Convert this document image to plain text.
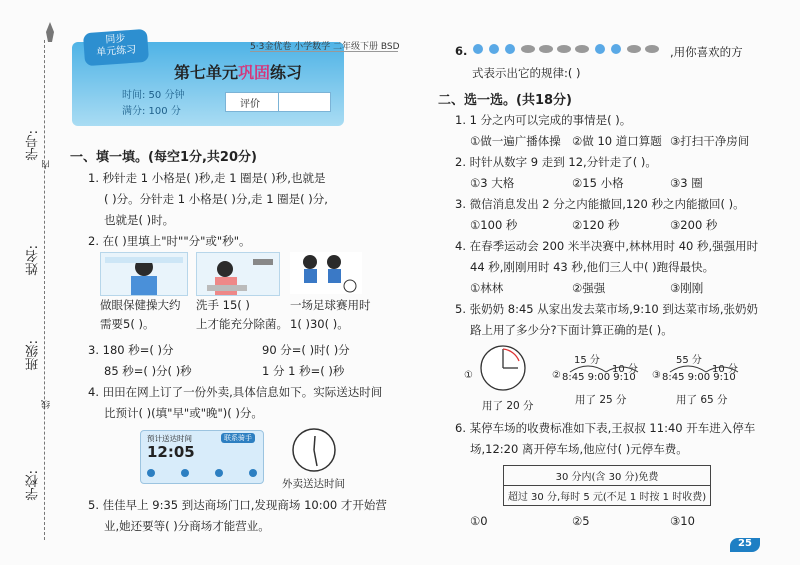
学号:
姓名:
班级:
学校:
内
线
同步
单元练习	5·3金优卷 小学数学 二年级下册 BSD
第七单元巩固练习
时间: 50 分钟
满分: 100 分
评价
一、填一填。(每空1分,共20分)
1. 秒针走 1 小格是( )秒,走 1 圈是( )秒,也就是
( )分。分针走 1 小格是( )分,走 1 圈是( )分,
也就是( )时。
2. 在( )里填上"时""分"或"秒"。
做眼保健操大约
需要5( )。
洗手 15( )
上才能充分除菌。
一场足球赛用时
1( )30( )。
3. 180 秒=( )分	90 分=( )时( )分
85 秒=( )分( )秒	1 分 1 秒=( )秒
4. 田田在网上订了一份外卖,具体信息如下。实际送达时间
比预计( )(填"早"或"晚")( )分。
预计送达时间	联系骑手
12:05
外卖送达时间
5. 佳佳早上 9:35 到达商场门口,发现商场 10:00 才开始营
业,她还要等( )分商场才能营业。
6.	,用你喜欢的方
式表示出它的规律:( )
二、选一选。(共18分)
1. 1 分之内可以完成的事情是( )。
①做一遍广播体操 ②做 10 道口算题 ③打扫干净房间
2. 时针从数字 9 走到 12,分针走了( )。
①3 大格	②15 小格	③3 圈
3. 微信消息发出 2 分之内能撤回,120 秒之内能撤回( )。
①100 秒	②120 秒	③200 秒
4. 在春季运动会 200 米半决赛中,林林用时 40 秒,强强用时
44 秒,刚刚用时 43 秒,他们三人中( )跑得最快。
①林林	②强强	③刚刚
5. 张奶奶 8:45 从家出发去菜市场,9:10 到达菜市场,张奶奶
路上用了多少分?下面计算正确的是( )。
①
用了 20 分
②
15 分
10 分
8:45 9:00 9:10
用了 25 分
③
55 分
10 分
8:45 9:00 9:10
用了 65 分
6. 某停车场的收费标准如下表,王叔叔 11:40 开车进入停车
场,12:20 离开停车场,他应付( )元停车费。
30 分内(含 30 分)免费
超过 30 分,每时 5 元(不足 1 时按 1 时收费)
①0	②5	③10
25
